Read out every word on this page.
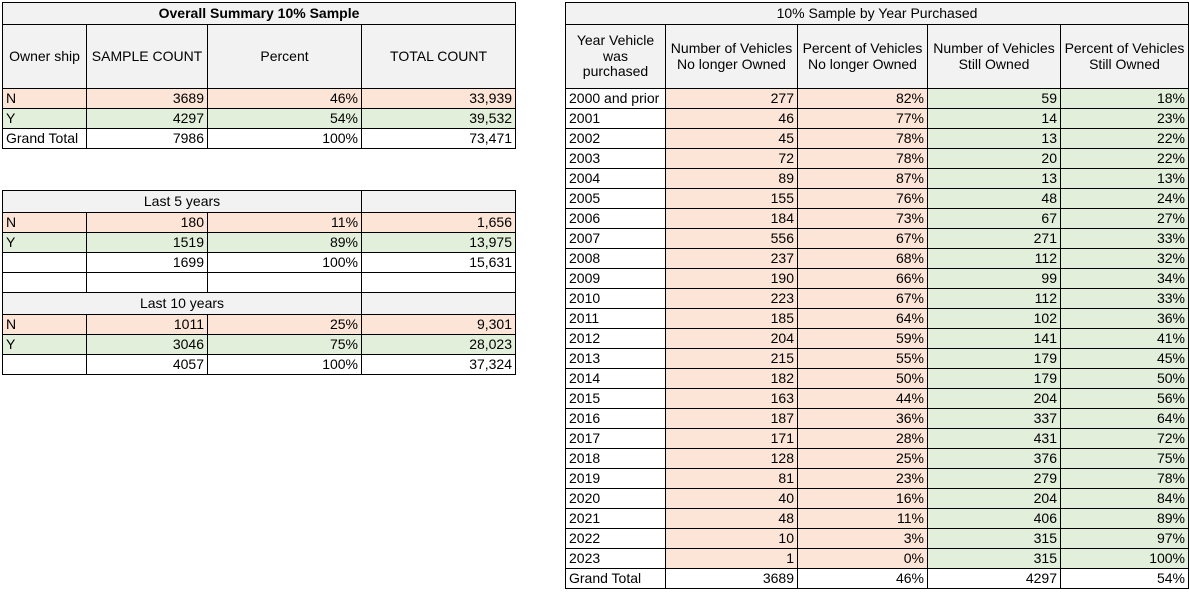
Overall Summary 10% Sample			
Owner ship	SAMPLE COUNT	Percent	TOTAL COUNT
N	3689	46%	33,939
Y	4297	54%	39,532
Grand Total	7986	100%	73,471
Last 5 years			
N	180	11%	1,656
Y	1519	89%	13,975
	1699	100%	15,631

Last 10 years			
N	1011	25%	9,301
Y	3046	75%	28,023
	4057	100%	37,324
10% Sample by Year Purchased				
Year Vehicle was purchased	Number of Vehicles No longer Owned	Percent of Vehicles No longer Owned	Number of Vehicles Still Owned	Percent of Vehicles Still Owned
2000 and prior	277	82%	59	18%
2001	46	77%	14	23%
2002	45	78%	13	22%
2003	72	78%	20	22%
2004	89	87%	13	13%
2005	155	76%	48	24%
2006	184	73%	67	27%
2007	556	67%	271	33%
2008	237	68%	112	32%
2009	190	66%	99	34%
2010	223	67%	112	33%
2011	185	64%	102	36%
2012	204	59%	141	41%
2013	215	55%	179	45%
2014	182	50%	179	50%
2015	163	44%	204	56%
2016	187	36%	337	64%
2017	171	28%	431	72%
2018	128	25%	376	75%
2019	81	23%	279	78%
2020	40	16%	204	84%
2021	48	11%	406	89%
2022	10	3%	315	97%
2023	1	0%	315	100%
Grand Total	3689	46%	4297	54%
